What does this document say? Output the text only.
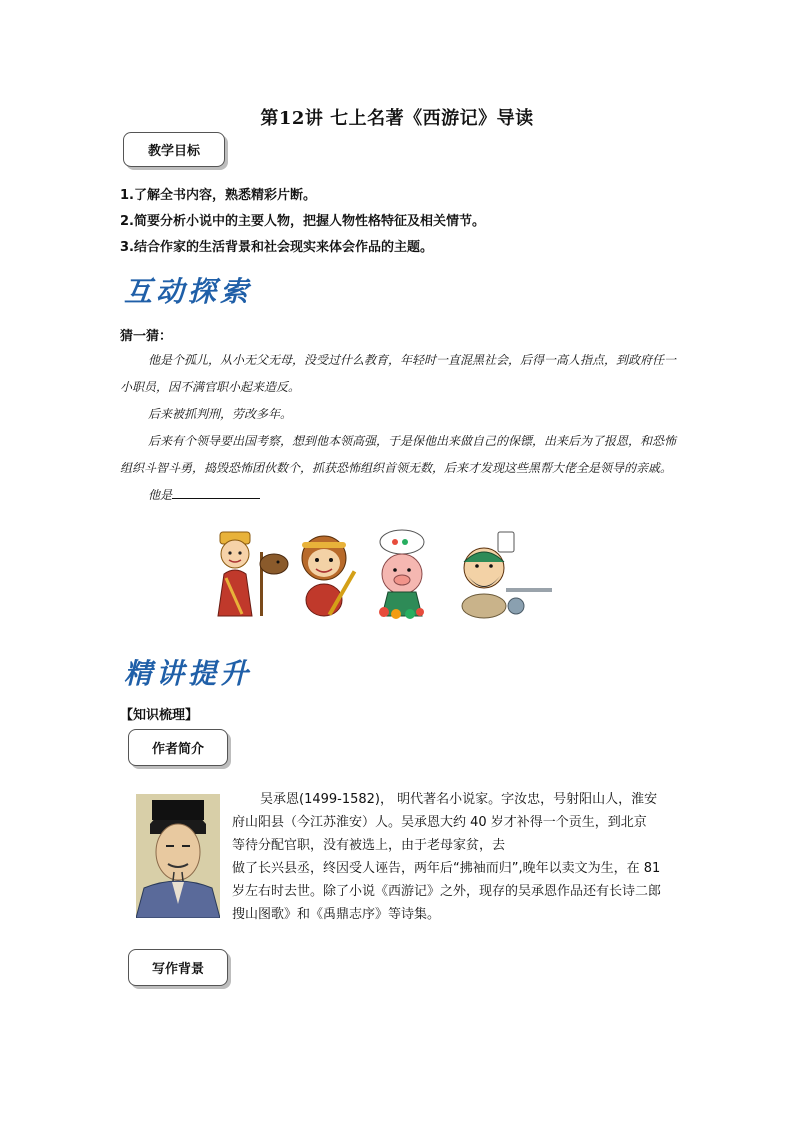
第12讲 七上名著《西游记》导读
教学目标
1.了解全书内容，熟悉精彩片断。
2.简要分析小说中的主要人物，把握人物性格特征及相关情节。
3.结合作家的生活背景和社会现实来体会作品的主题。
互动探索
猜一猜：

他是个孤儿，从小无父无母，没受过什么教育，年轻时一直混黑社会，后得一高人指点，到政府任一小职员，因不满官职小起来造反。

后来被抓判刑，劳改多年。

后来有个领导要出国考察，想到他本领高强，于是保他出来做自己的保镖，出来后为了报恩，和恐怖组织斗智斗勇，捣毁恐怖团伙数个，抓获恐怖组织首领无数，后来才发现这些黑帮大佬全是领导的亲戚。

他是

精讲提升
【知识梳理】
作者简介

吴承恩(1499-1582)， 明代著名小说家。字汝忠，号射阳山人，淮安

府山阳县（今江苏淮安）人。吴承恩大约 40 岁才补得一个贡生，到北京

等待分配官职，没有被选上，由于老母家贫，去

做了长兴县丞，终因受人诬告，两年后“拂袖而归”,晚年以卖文为生，在 81

岁左右时去世。除了小说《西游记》之外，现存的吴承恩作品还有长诗二郎

搜山图歌》和《禹鼎志序》等诗集。

写作背景
